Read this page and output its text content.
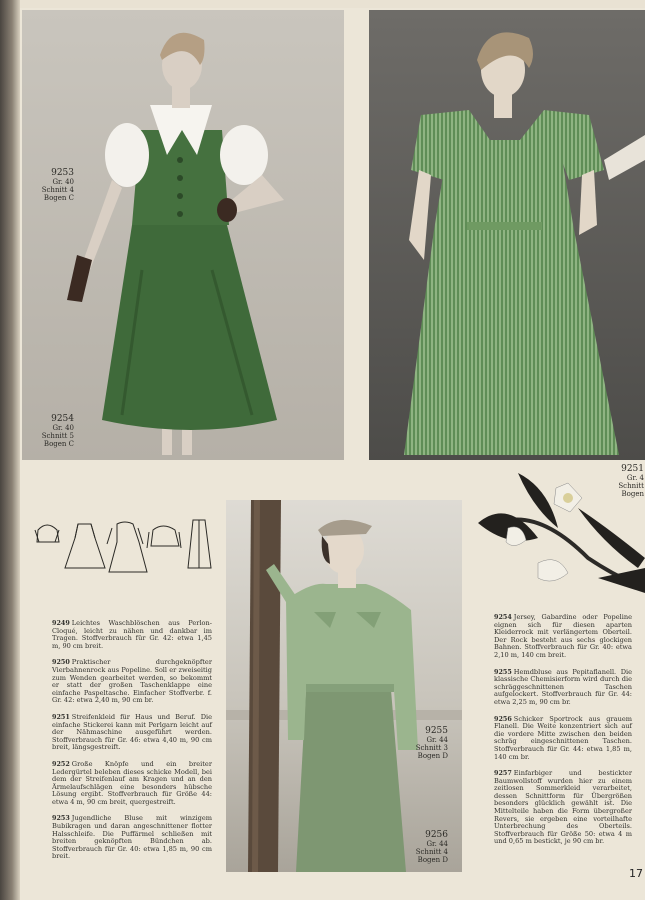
9253
Gr. 40
Schnitt 4
Bogen C
9254
Gr. 40
Schnitt 5
Bogen C
9251
Gr. 4
Schnitt
Bogen
9255
Gr. 44
Schnitt 3
Bogen D
9256
Gr. 44
Schnitt 4
Bogen D

9249 Leichtes Waschblöschen aus Perlon-Cloqué, leicht zu nähen und dankbar im Tragen. Stoffverbrauch für Gr. 42: etwa 1,45 m, 90 cm breit.

9250 Praktischer durchgeknöpfter Vierbahnenrock aus Popeline. Soll er zweiseitig zum Wenden gearbeitet werden, so bekommt er statt der großen Taschenklappe eine einfache Paspeltasche. Einfacher Stoffverbr. f. Gr. 42: etwa 2,40 m, 90 cm br.

9251 Streifenkleid für Haus und Beruf. Die einfache Stickerei kann mit Perlgarn leicht auf der Nähmaschine ausgeführt werden. Stoffverbrauch für Gr. 46: etwa 4,40 m, 90 cm breit, längsgestreift.

9252 Große Knöpfe und ein breiter Ledergürtel beleben dieses schicke Modell, bei dem der Streifenlauf am Kragen und an den Ärmelaufschlägen eine besonders hübsche Lösung ergibt. Stoffverbrauch für Größe 44: etwa 4 m, 90 cm breit, quergestreift.

9253 Jugendliche Bluse mit winzigem Bubikragen und daran angeschnittener flotter Halsschleife. Die Puffärmel schließen mit breiten geknöpften Bündchen ab. Stoffverbrauch für Gr. 40: etwa 1,85 m, 90 cm breit.

9254 Jersey, Gabardine oder Popeline eignen sich für diesen aparten Kleiderrock mit verlängertem Oberteil. Der Rock besteht aus sechs glockigen Bahnen. Stoffverbrauch für Gr. 40: etwa 2,10 m, 140 cm breit.

9255 Hemdbluse aus Pepitaflanell. Die klassische Chemisierform wird durch die schräggeschnittenen Taschen aufgelockert. Stoffverbrauch für Gr. 44: etwa 2,25 m, 90 cm br.

9256 Schicker Sportrock aus grauem Flanell. Die Weite konzentriert sich auf die vordere Mitte zwischen den beiden schräg eingeschnittenen Taschen. Stoffverbrauch für Gr. 44: etwa 1,85 m, 140 cm br.

9257 Einfarbiger und bestickter Baumwollstoff wurden hier zu einem zeitlosen Sommerkleid verarbeitet, dessen Schnittform für Übergrößen besonders glücklich gewählt ist. Die Mittelteile haben die Form übergroßer Revers, sie ergeben eine vorteilhafte Unterbrechung des Oberteils. Stoffverbrauch für Größe 50: etwa 4 m und 0,65 m bestickt, je 90 cm br.

17
